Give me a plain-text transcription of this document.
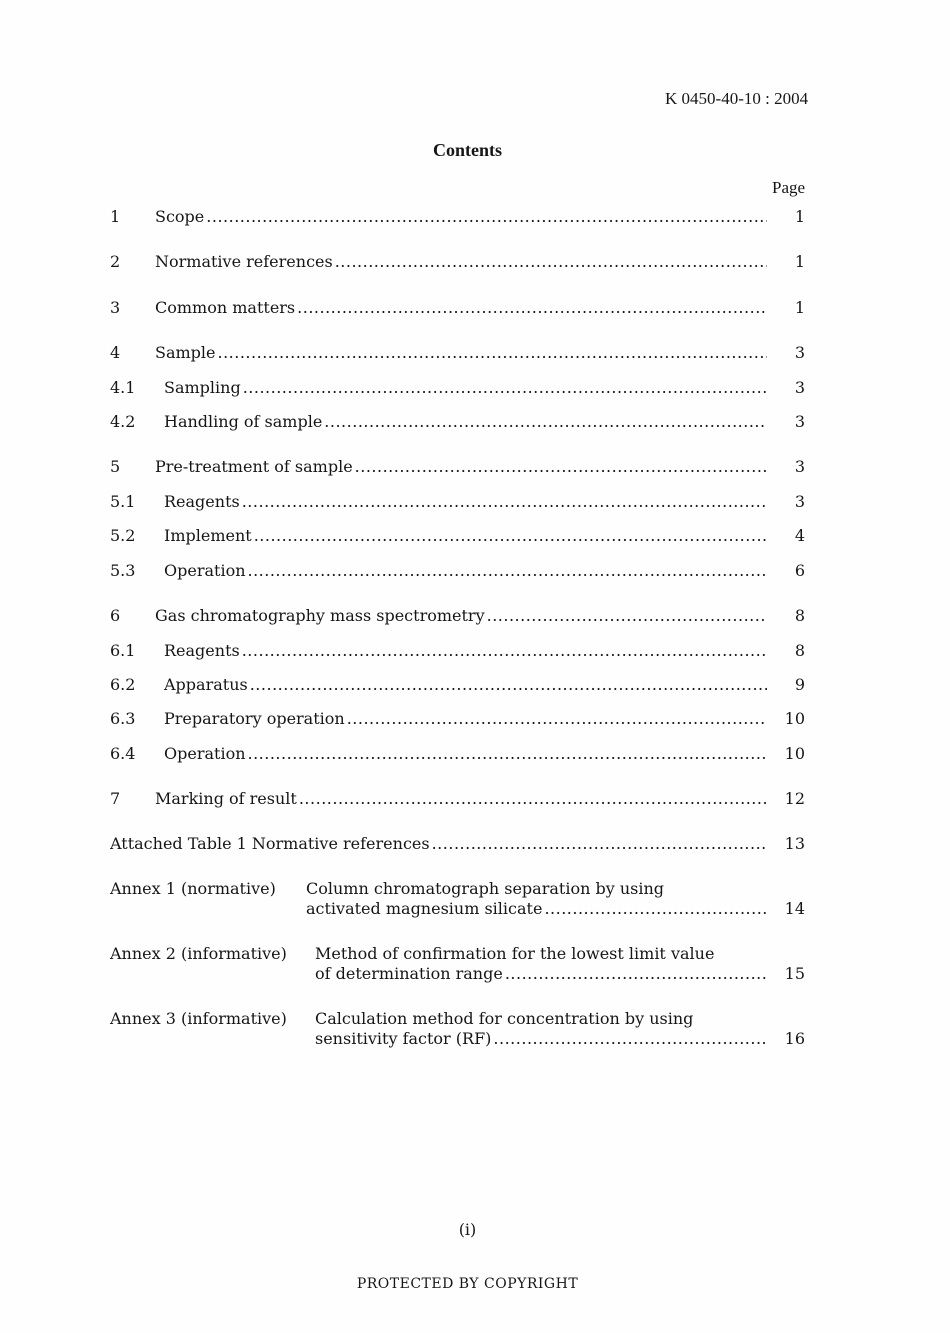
K 0450-40-10 : 2004
Contents
Page
1 Scope .....	1
2 Normative references .....	1
3 Common matters .....	1
4 Sample .....	3
4.1 Sampling .....	3
4.2 Handling of sample .....	3
5 Pre-treatment of sample .....	3
5.1 Reagents .....	3
5.2 Implement .....	4
5.3 Operation .....	6
6 Gas chromatography mass spectrometry .....	8
6.1 Reagents .....	8
6.2 Apparatus .....	9
6.3 Preparatory operation .....	10
6.4 Operation .....	10
7 Marking of result .....	12
Attached Table 1 Normative references .....	13
Annex 1 (normative) Column chromatograph separation by using
activated magnesium silicate .....	14
Annex 2 (informative) Method of confirmation for the lowest limit value
of determination range .....	15
Annex 3 (informative) Calculation method for concentration by using
sensitivity factor (RF) .....	16
(i)
PROTECTED BY COPYRIGHT
